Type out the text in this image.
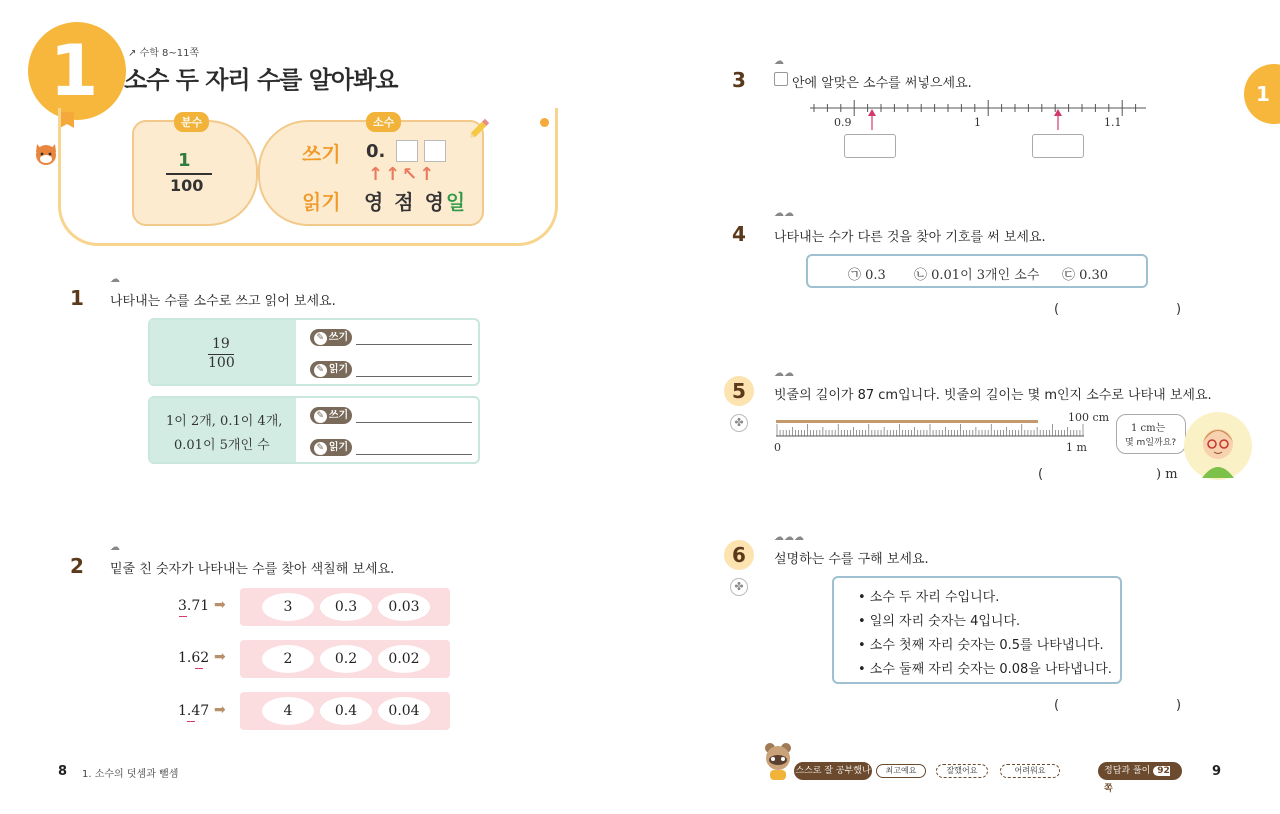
1
↗	수학 8~11쪽
소수 두 자리 수를 알아봐요
분수	소수
1
100
쓰기
읽기
0.
↑↑↖↑
영 점 영일
☁
1 나타내는 수를 소수로 쓰고 읽어 보세요.
19
100
✎ 쓰기
✎ 읽기
1이 2개, 0.1이 4개,
0.01이 5개인 수
✎ 쓰기
✎ 읽기
☁
2 밑줄 친 숫자가 나타내는 수를 찾아 색칠해 보세요.
3.71 ➡	3	0.3	0.03
1.62 ➡	2	0.2	0.02
1.47 ➡	4	0.4	0.04
8 1. 소수의 덧셈과 뺄셈
1
☁
3	안에 알맞은 소수를 써넣으세요.
0.9	1	1.1
☁☁
4 나타내는 수가 다른 것을 찾아 기호를 써 보세요.
㉠ 0.3 ㉡ 0.01이 3개인 소수 ㉢ 0.30
(	)
☁☁
5
✤
빗줄의 길이가 87 cm입니다. 빗줄의 길이는 몇 m인지 소수로 나타내 보세요.
100 cm
0	1 m
1 cm는
몇 m일까요?
(	) m
☁☁☁
6
✤
설명하는 수를 구해 보세요.
• 소수 두 자리 수입니다.
• 일의 자리 숫자는 4입니다.
• 소수 첫째 자리 숫자는 0.5를 나타냅니다.
• 소수 둘째 자리 숫자는 0.08을 나타냅니다.
(	)
스스로 잘 공부했나요?
최고예요	잘했어요	어려워요	정답과 풀이 92쪽
9
